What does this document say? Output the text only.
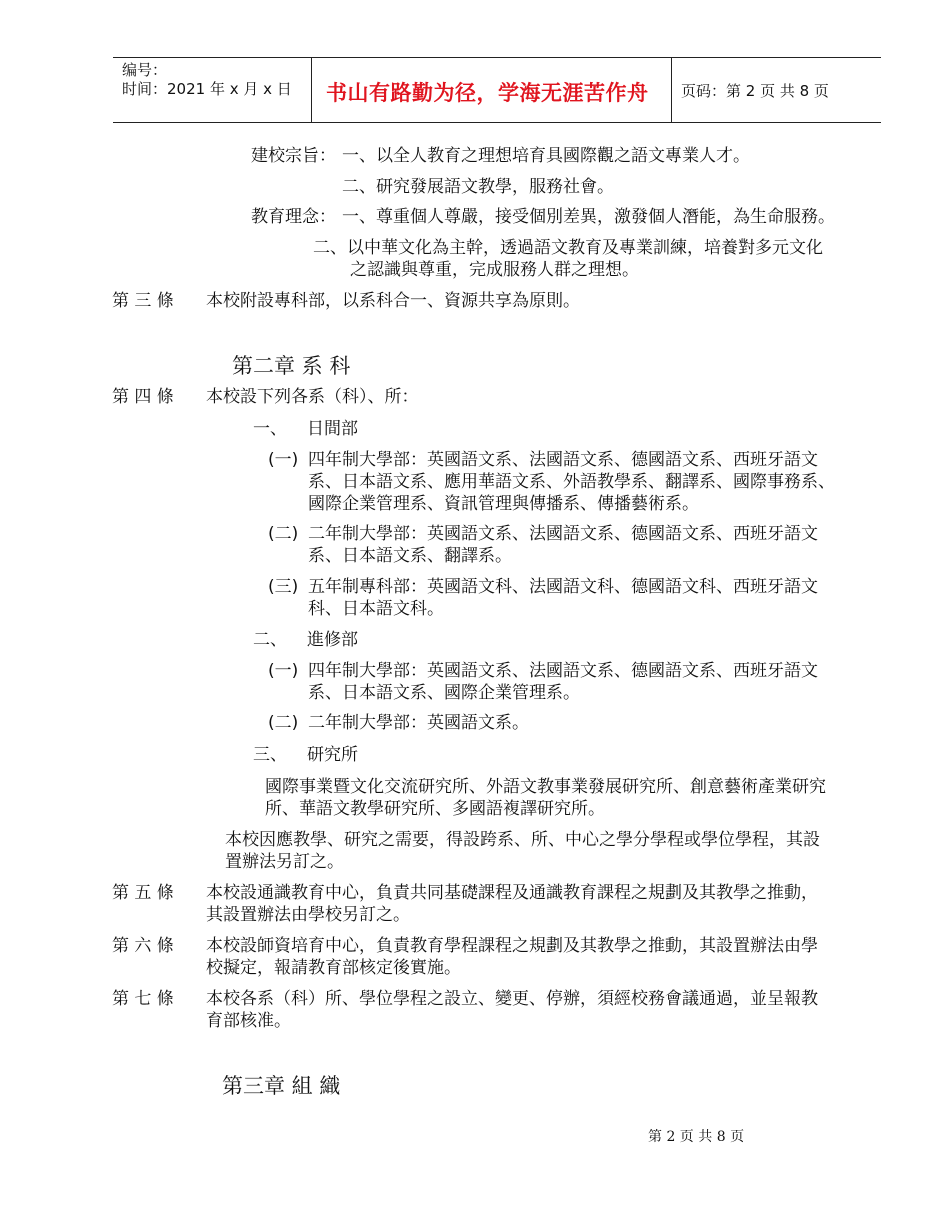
编号：
时间：2021 年 x 月 x 日 书山有路勤为径，学海无涯苦作舟 页码：第 2 页 共 8 页
建校宗旨： 一、以全人教育之理想培育具國際觀之語文專業人才。
二、研究發展語文教學，服務社會。
教育理念： 一、尊重個人尊嚴，接受個別差異，激發個人潛能，為生命服務。
二、以中華文化為主幹，透過語文教育及專業訓練，培養對多元文化
之認識與尊重，完成服務人群之理想。
第 三 條 本校附設專科部，以系科合一、資源共享為原則。
第二章 系 科
第 四 條 本校設下列各系（科）、所：
一、 日間部
(一) 四年制大學部：英國語文系、法國語文系、德國語文系、西班牙語文
系、日本語文系、應用華語文系、外語教學系、翻譯系、國際事務系、
國際企業管理系、資訊管理與傳播系、傳播藝術系。
(二) 二年制大學部：英國語文系、法國語文系、德國語文系、西班牙語文
系、日本語文系、翻譯系。
(三) 五年制專科部：英國語文科、法國語文科、德國語文科、西班牙語文
科、日本語文科。
二、 進修部
(一) 四年制大學部：英國語文系、法國語文系、德國語文系、西班牙語文
系、日本語文系、國際企業管理系。
(二) 二年制大學部：英國語文系。
三、 研究所
國際事業暨文化交流研究所、外語文教事業發展研究所、創意藝術產業研究
所、華語文教學研究所、多國語複譯研究所。
本校因應教學、研究之需要，得設跨系、所、中心之學分學程或學位學程，其設
置辦法另訂之。
第 五 條 本校設通識教育中心，負責共同基礎課程及通識教育課程之規劃及其教學之推動，
其設置辦法由學校另訂之。
第 六 條 本校設師資培育中心，負責教育學程課程之規劃及其教學之推動，其設置辦法由學
校擬定，報請教育部核定後實施。
第 七 條 本校各系（科）所、學位學程之設立、變更、停辦，須經校務會議通過，並呈報教
育部核准。
第三章 組 織
第 2 页 共 8 页
